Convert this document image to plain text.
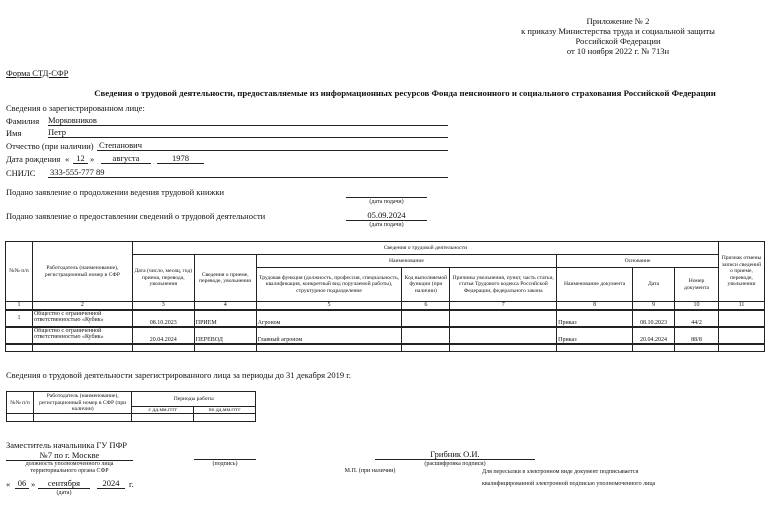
Приложение № 2
к приказу Министерства труда и социальной защиты
Российской Федерации
от 10 ноября 2022 г. № 713н
Форма СТД-СФР
Сведения о трудовой деятельности, предоставляемые из информационных ресурсов Фонда пенсионного и социального страхования Российской Федерации
Сведения о зарегистрированном лице:
Фамилия Морковников
Имя	Петр
Отчество (при наличии) Степанович
Дата рождения « 12 »	августа	1978
СНИЛС 333-555-777 89
Подано заявление о продолжении ведения трудовой книжки
(дата подачи)
Подано заявление о предоставлении сведений о трудовой деятельности	05.09.2024
(дата подачи)
№№ п/п	Работодатель (наименование), регистрационный номер в СФР	Сведения о трудовой деятельности								Признак отмены записи сведений о приеме, переводе, увольнении
		Дата (число, месяц, год) приема, перевода, увольнения	Сведения о приеме, переводе, увольнении	Наименование			Основание			
				Трудовая функция (должность, профессия, специальность, квалификация, конкретный вид поручаемой работы), структурное подразделение	Код выполняемой функции (при наличии)	Причины увольнения, пункт, часть статьи, статья Трудового кодекса Российской Федерации, федерального закона	Наименование документа	Дата	Номер документа	
1	2	3	4	5	6	7	8	9	10	11
1	Общество с ограниченной ответственностью «Кубик»	08.10.2023	ПРИЕМ	Агроном			Приказ	08.10.2023	44/2	
	Общество с ограниченной ответственностью «Кубик»	20.04.2024	ПЕРЕВОД	Главный агроном			Приказ	20.04.2024	88/8	

Сведения о трудовой деятельности зарегистрированного лица за периоды до 31 декабря 2019 г.
№№ п/п	Работодатель (наименование), регистрационный номер в СФР (при наличии)	Периоды работы	
		с дд.мм.гггг	по дд.мм.гггг

Заместитель начальника ГУ ПФР
№7 по г. Москве
должность уполномоченного лица
территориального органа СФР
(подпись)
М.П. (при наличии)
Грибник О.И.
(расшифровка подписи)
Для пересылки в электронном виде документ подписывается
квалифицированной электронной подписью уполномоченного лица
« 06 »	сентября	2024	г.
(дата)
